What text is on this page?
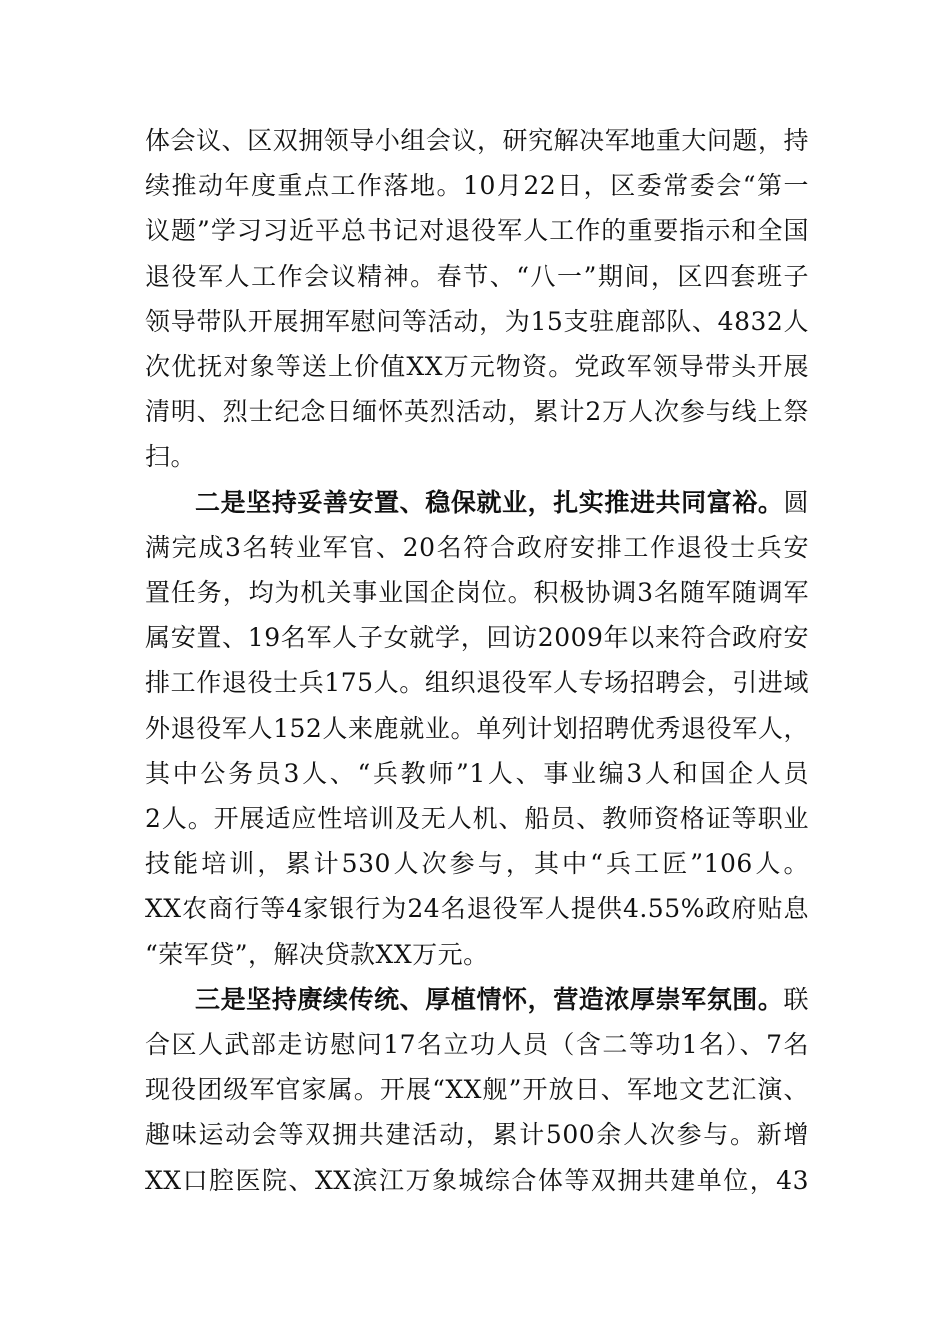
体会议、区双拥领导小组会议，研究解决军地重大问题，持
续推动年度重点工作落地。10月22日，区委常委会“第一
议题”学习习近平总书记对退役军人工作的重要指示和全国
退役军人工作会议精神。春节、“八一”期间，区四套班子
领导带队开展拥军慰问等活动，为15支驻鹿部队、4832人
次优抚对象等送上价值XX万元物资。党政军领导带头开展
清明、烈士纪念日缅怀英烈活动，累计2万人次参与线上祭
扫。

二是坚持妥善安置、稳保就业，扎实推进共同富裕。圆
满完成3名转业军官、20名符合政府安排工作退役士兵安
置任务，均为机关事业国企岗位。积极协调3名随军随调军
属安置、19名军人子女就学，回访2009年以来符合政府安
排工作退役士兵175人。组织退役军人专场招聘会，引进域
外退役军人152人来鹿就业。单列计划招聘优秀退役军人，
其中公务员3人、“兵教师”1人、事业编3人和国企人员
2人。开展适应性培训及无人机、船员、教师资格证等职业
技能培训，累计530人次参与，其中“兵工匠”106人。
XX农商行等4家银行为24名退役军人提供4.55%政府贴息
“荣军贷”，解决贷款XX万元。

三是坚持赓续传统、厚植情怀，营造浓厚崇军氛围。联
合区人武部走访慰问17名立功人员（含二等功1名）、7名
现役团级军官家属。开展“XX舰”开放日、军地文艺汇演、
趣味运动会等双拥共建活动，累计500余人次参与。新增
XX口腔医院、XX滨江万象城综合体等双拥共建单位，43
